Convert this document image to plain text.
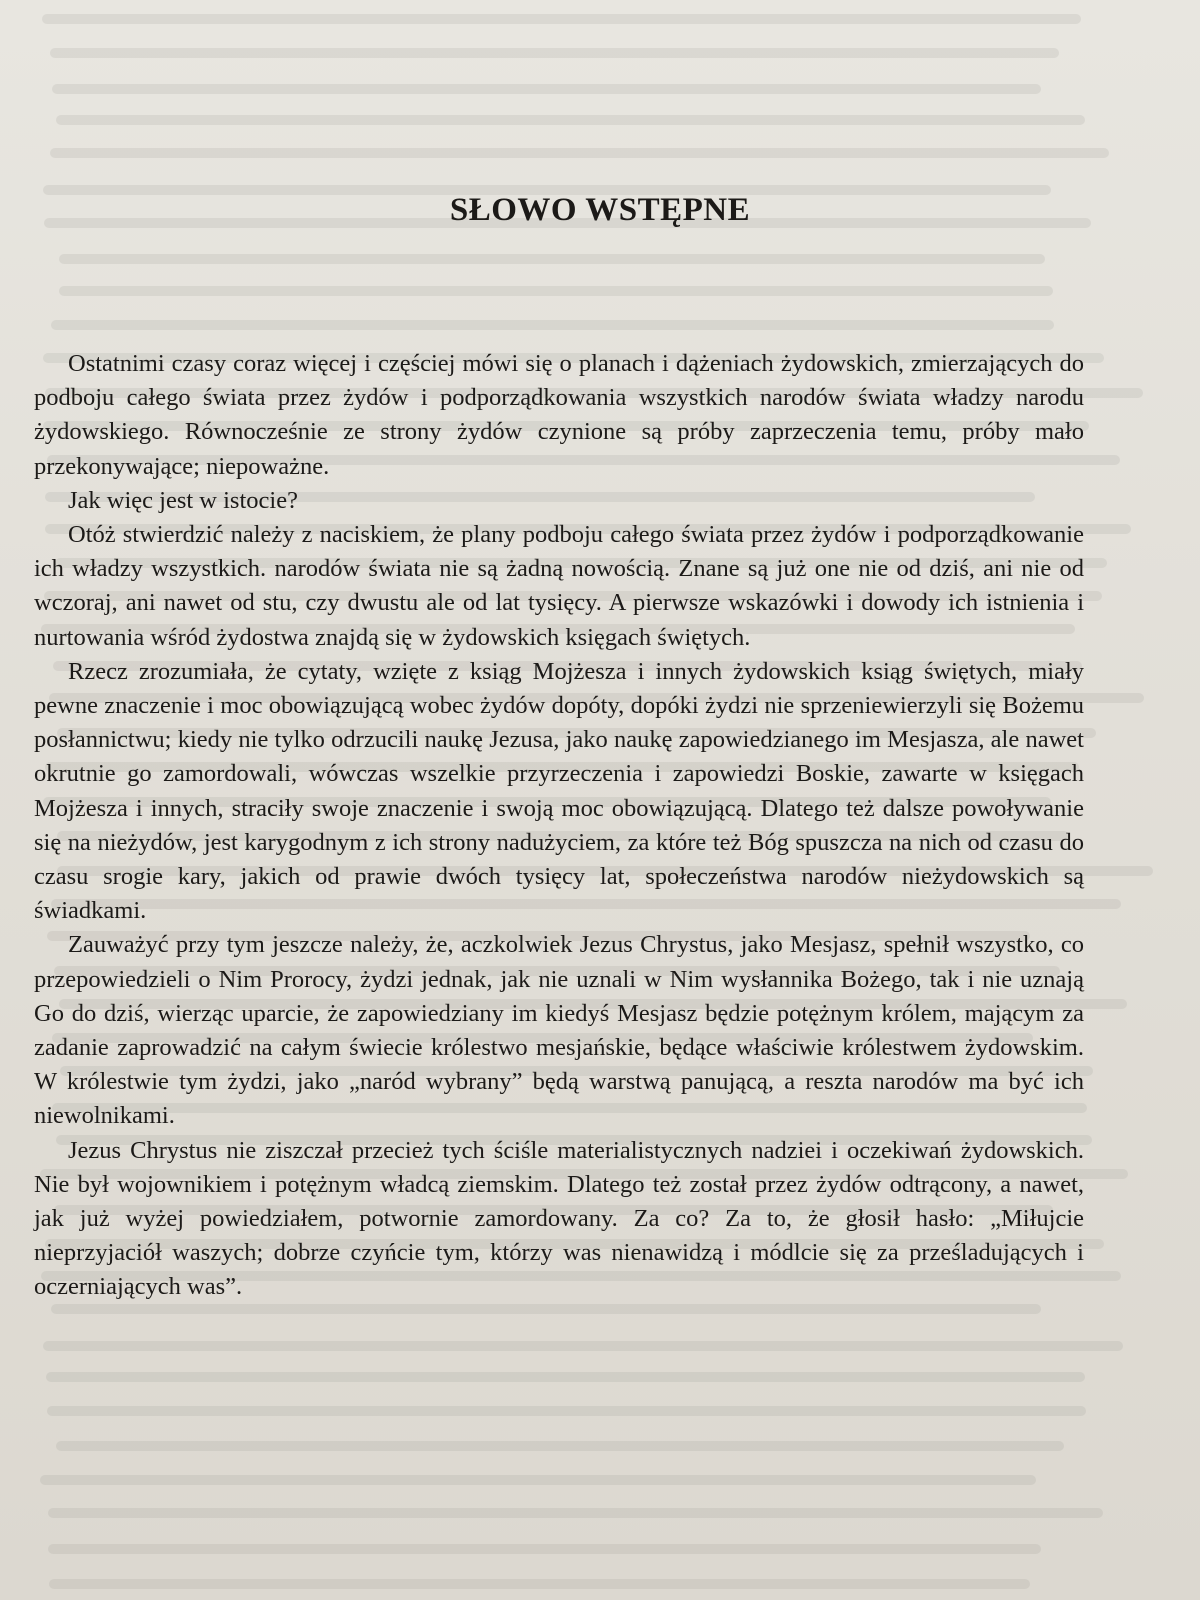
SŁOWO WSTĘPNE

Ostatnimi czasy coraz więcej i częściej mówi się o planach i dążeniach żydowskich, zmierzających do podboju całego świata przez żydów i podporządkowania wszystkich narodów świata władzy narodu żydowskiego. Równocześnie ze strony żydów czynione są próby zaprzeczenia temu, próby mało przekonywające; niepoważne.

Jak więc jest w istocie?

Otóż stwierdzić należy z naciskiem, że plany podboju całego świata przez żydów i podporządkowanie ich władzy wszystkich. narodów świata nie są żadną nowością. Znane są już one nie od dziś, ani nie od wczoraj, ani nawet od stu, czy dwustu ale od lat tysięcy. A pierwsze wskazówki i dowody ich istnienia i nurtowania wśród żydostwa znajdą się w żydowskich księgach świętych.

Rzecz zrozumiała, że cytaty, wzięte z ksiąg Mojżesza i innych żydowskich ksiąg świętych, miały pewne znaczenie i moc obowiązującą wobec żydów dopóty, dopóki żydzi nie sprzeniewierzyli się Bożemu posłannictwu; kiedy nie tylko odrzucili naukę Jezusa, jako naukę zapowiedzianego im Mesjasza, ale nawet okrutnie go zamordowali, wówczas wszelkie przyrzeczenia i zapowiedzi Boskie, zawarte w księgach Mojżesza i innych, straciły swoje znaczenie i swoją moc obowiązującą. Dlatego też dalsze powoływanie się na nieżydów, jest karygodnym z ich strony nadużyciem, za które też Bóg spuszcza na nich od czasu do czasu srogie kary, jakich od prawie dwóch tysięcy lat, społeczeństwa narodów nieżydowskich są świadkami.

Zauważyć przy tym jeszcze należy, że, aczkolwiek Jezus Chrystus, jako Mesjasz, spełnił wszystko, co przepowiedzieli o Nim Prorocy, żydzi jednak, jak nie uznali w Nim wysłannika Bożego, tak i nie uznają Go do dziś, wierząc uparcie, że zapowiedziany im kiedyś Mesjasz będzie potężnym królem, mającym za zadanie zaprowadzić na całym świecie królestwo mesjańskie, będące właściwie królestwem żydowskim. W królestwie tym żydzi, jako „naród wybrany” będą warstwą panującą, a reszta narodów ma być ich niewolnikami.

Jezus Chrystus nie ziszczał przecież tych ściśle materialistycznych nadziei i oczekiwań żydowskich. Nie był wojownikiem i potężnym władcą ziemskim. Dlatego też został przez żydów odtrącony, a nawet, jak już wyżej powiedziałem, potwornie zamordowany. Za co? Za to, że głosił hasło: „Miłujcie nieprzyjaciół waszych; dobrze czyńcie tym, którzy was nienawidzą i módlcie się za prześladujących i oczerniających was”.
